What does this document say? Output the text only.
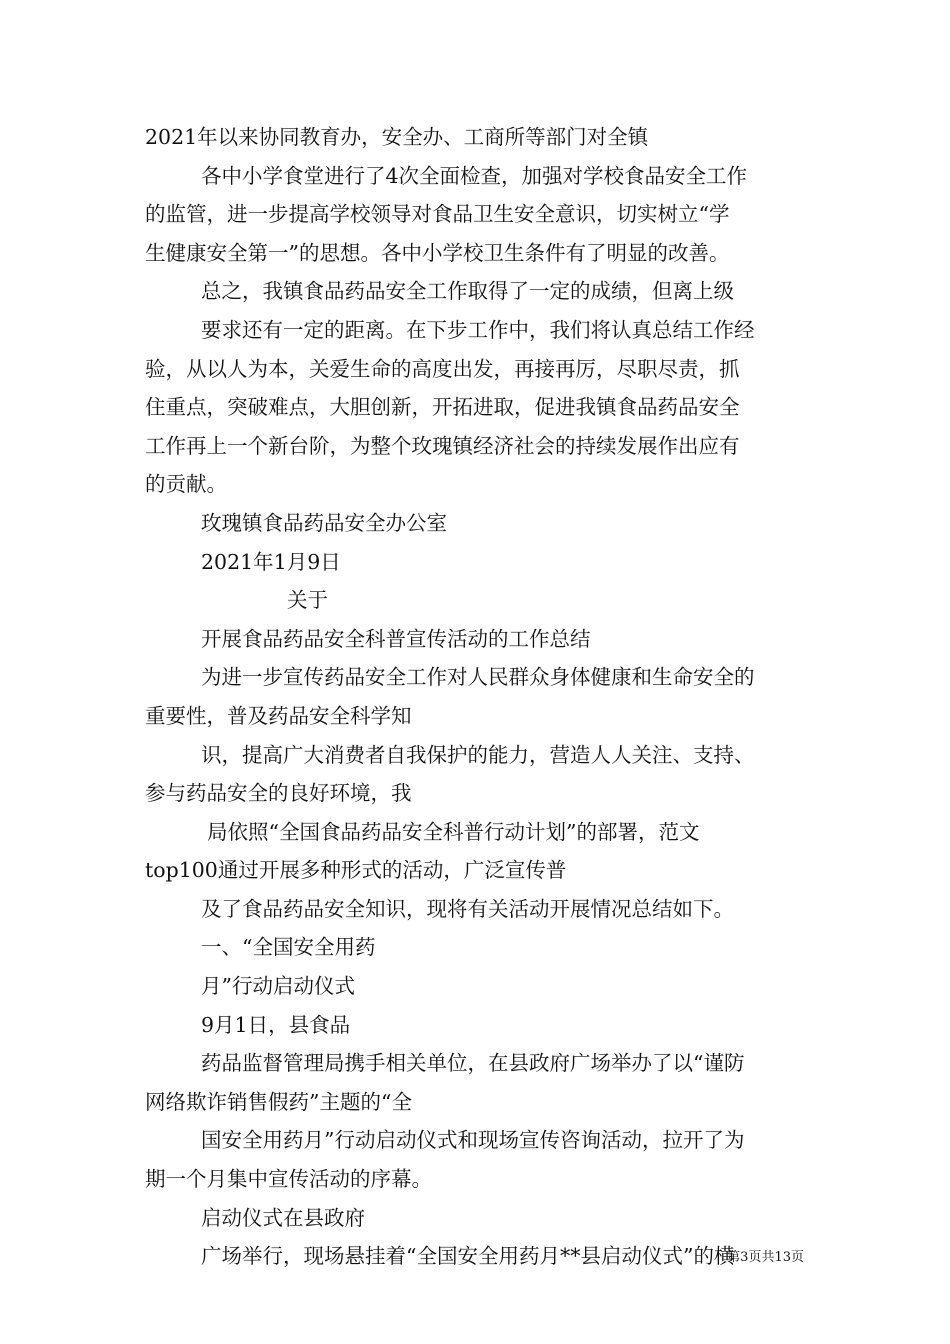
2021年以来协同教育办，安全办、工商所等部门对全镇
各中小学食堂进行了4次全面检查，加强对学校食品安全工作
的监管，进一步提高学校领导对食品卫生安全意识，切实树立“学
生健康安全第一”的思想。各中小学校卫生条件有了明显的改善。
总之，我镇食品药品安全工作取得了一定的成绩，但离上级
要求还有一定的距离。在下步工作中，我们将认真总结工作经
验，从以人为本，关爱生命的高度出发，再接再厉，尽职尽责，抓
住重点，突破难点，大胆创新，开拓进取，促进我镇食品药品安全
工作再上一个新台阶，为整个玫瑰镇经济社会的持续发展作出应有
的贡献。
玫瑰镇食品药品安全办公室
2021年1月9日
关于
开展食品药品安全科普宣传活动的工作总结
为进一步宣传药品安全工作对人民群众身体健康和生命安全的
重要性，普及药品安全科学知
识，提高广大消费者自我保护的能力，营造人人关注、支持、
参与药品安全的良好环境，我
局依照“全国食品药品安全科普行动计划”的部署，范文
top100通过开展多种形式的活动，广泛宣传普
及了食品药品安全知识，现将有关活动开展情况总结如下。
一、“全国安全用药
月”行动启动仪式
9月1日，县食品
药品监督管理局携手相关单位，在县政府广场举办了以“谨防
网络欺诈销售假药”主题的“全
国安全用药月”行动启动仪式和现场宣传咨询活动，拉开了为
期一个月集中宣传活动的序幕。
启动仪式在县政府
广场举行，现场悬挂着“全国安全用药月**县启动仪式”的横
第3页共13页
